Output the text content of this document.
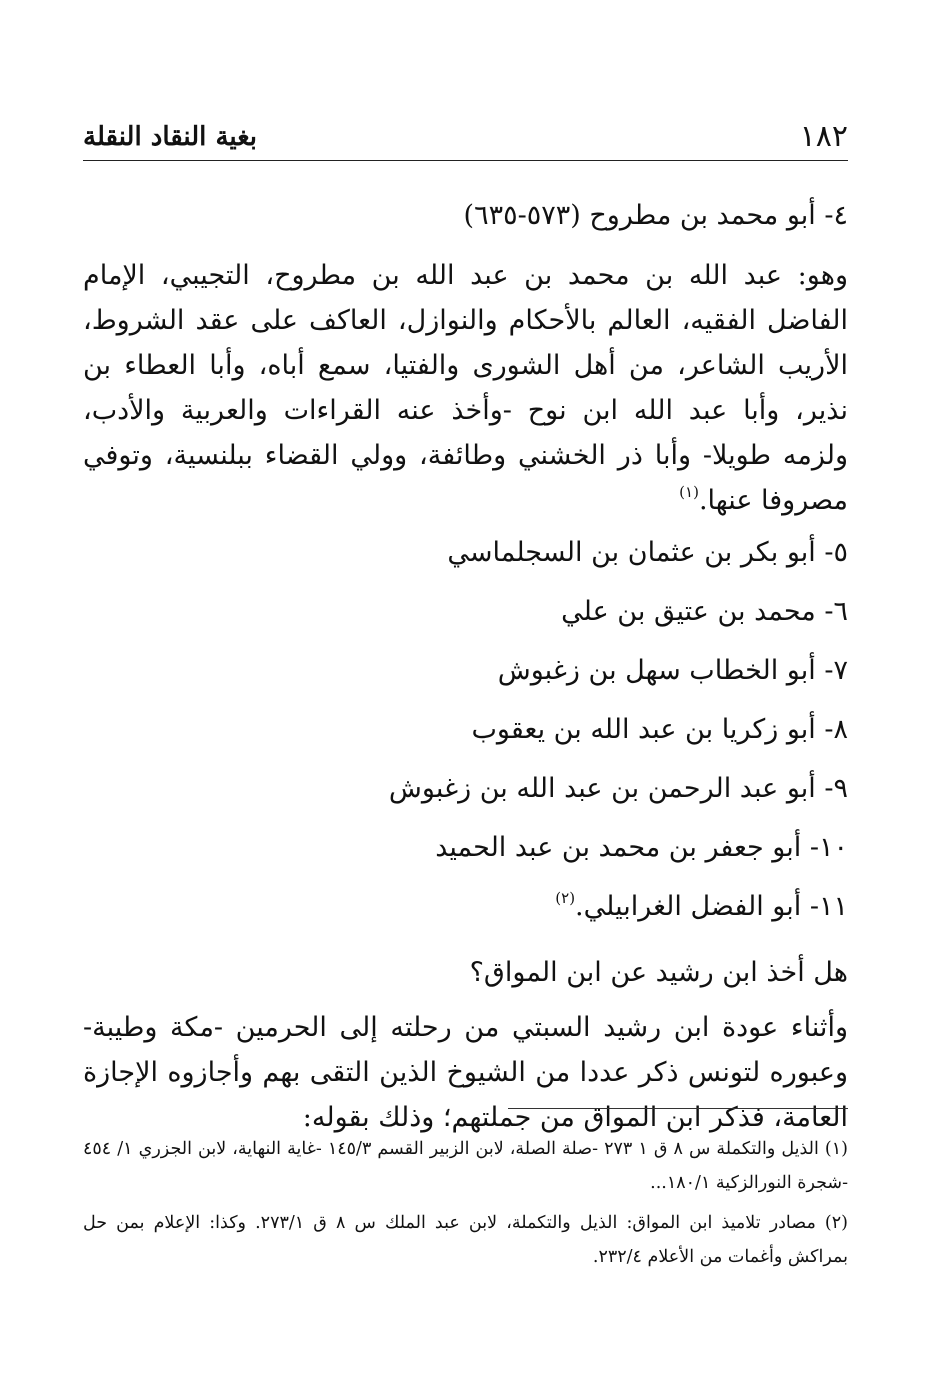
١٨٢
بغية النقاد النقلة

٤- أبو محمد بن مطروح (٥٧٣-٦٣٥)

وهو: عبد الله بن محمد بن عبد الله بن مطروح، التجيبي، الإمام الفاضل الفقيه، العالم بالأحكام والنوازل، العاكف على عقد الشروط، الأريب الشاعر، من أهل الشورى والفتيا، سمع أباه، وأبا العطاء بن نذير، وأبا عبد الله ابن نوح -وأخذ عنه القراءات والعربية والأدب، ولزمه طويلا- وأبا ذر الخشني وطائفة، وولي القضاء ببلنسية، وتوفي مصروفا عنها.$^{(١)}$

٥- أبو بكر بن عثمان بن السجلماسي

٦- محمد بن عتيق بن علي

٧- أبو الخطاب سهل بن زغبوش

٨- أبو زكريا بن عبد الله بن يعقوب

٩- أبو عبد الرحمن بن عبد الله بن زغبوش

١٠- أبو جعفر بن محمد بن عبد الحميد

١١- أبو الفضل الغرابيلي.$^{(٢)}$

هل أخذ ابن رشيد عن ابن المواق؟

وأثناء عودة ابن رشيد السبتي من رحلته إلى الحرمين -مكة وطيبة- وعبوره لتونس ذكر عددا من الشيوخ الذين التقى بهم وأجازوه الإجازة العامة، فذكر ابن المواق من جملتهم؛ وذلك بقوله:

(١) الذيل والتكملة س ٨ ق ١ ٢٧٣ -صلة الصلة، لابن الزبير القسم ١٤٥/٣ -غاية النهاية، لابن الجزري ١/ ٤٥٤ -شجرة النورالزكية ١٨٠/١...

(٢) مصادر تلاميذ ابن المواق: الذيل والتكملة، لابن عبد الملك س ٨ ق ٢٧٣/١. وكذا: الإعلام بمن حل بمراكش وأغمات من الأعلام ٢٣٢/٤.
